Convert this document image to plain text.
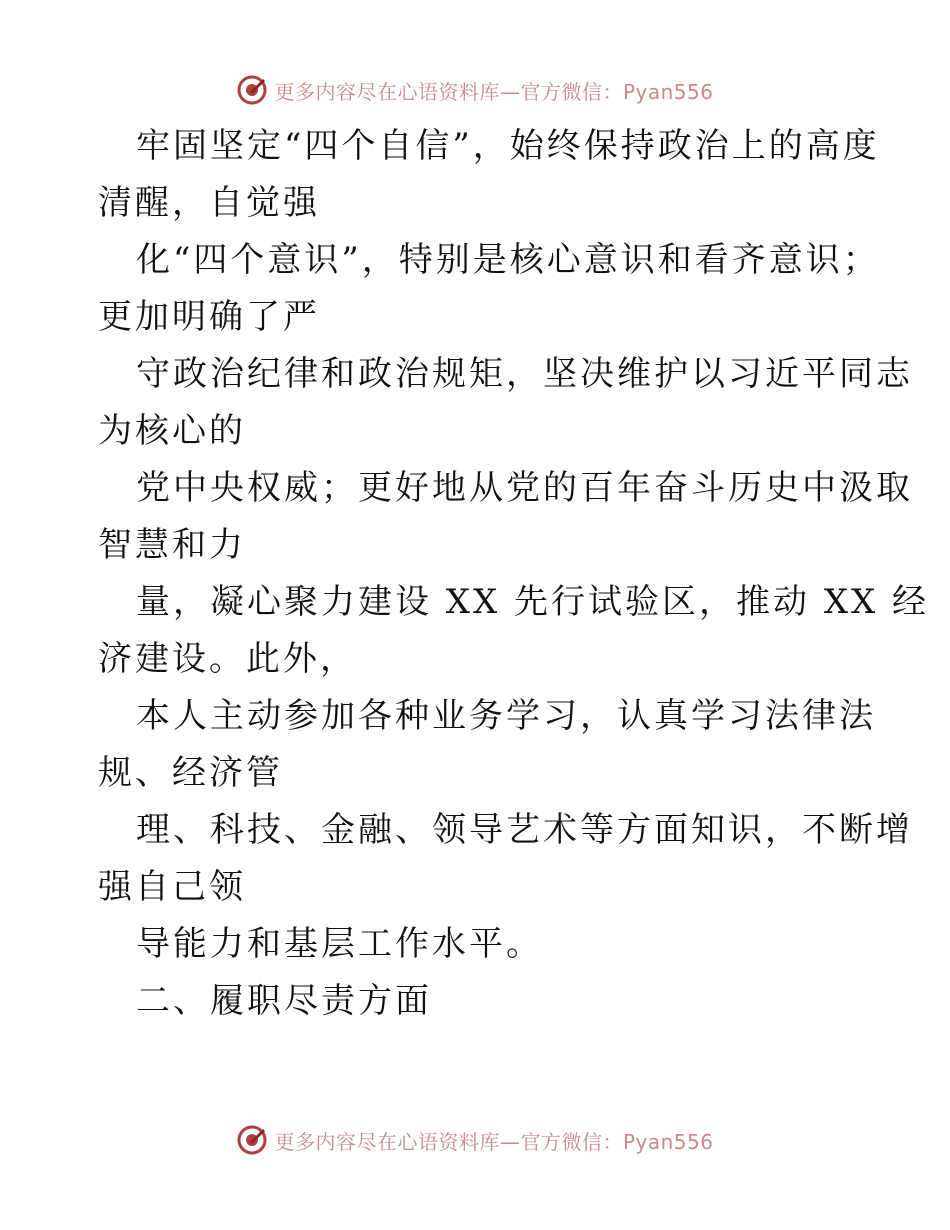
更多内容尽在心语资料库—官方微信：Pyan556
牢固坚定“四个自信”，始终保持政治上的高度
清醒，自觉强
化“四个意识”，特别是核心意识和看齐意识；
更加明确了严
守政治纪律和政治规矩，坚决维护以习近平同志
为核心的
党中央权威；更好地从党的百年奋斗历史中汲取
智慧和力
量，凝心聚力建设 XX 先行试验区，推动 XX 经
济建设。此外，
本人主动参加各种业务学习，认真学习法律法
规、经济管
理、科技、金融、领导艺术等方面知识，不断增
强自己领
导能力和基层工作水平。
二、履职尽责方面
更多内容尽在心语资料库—官方微信：Pyan556
